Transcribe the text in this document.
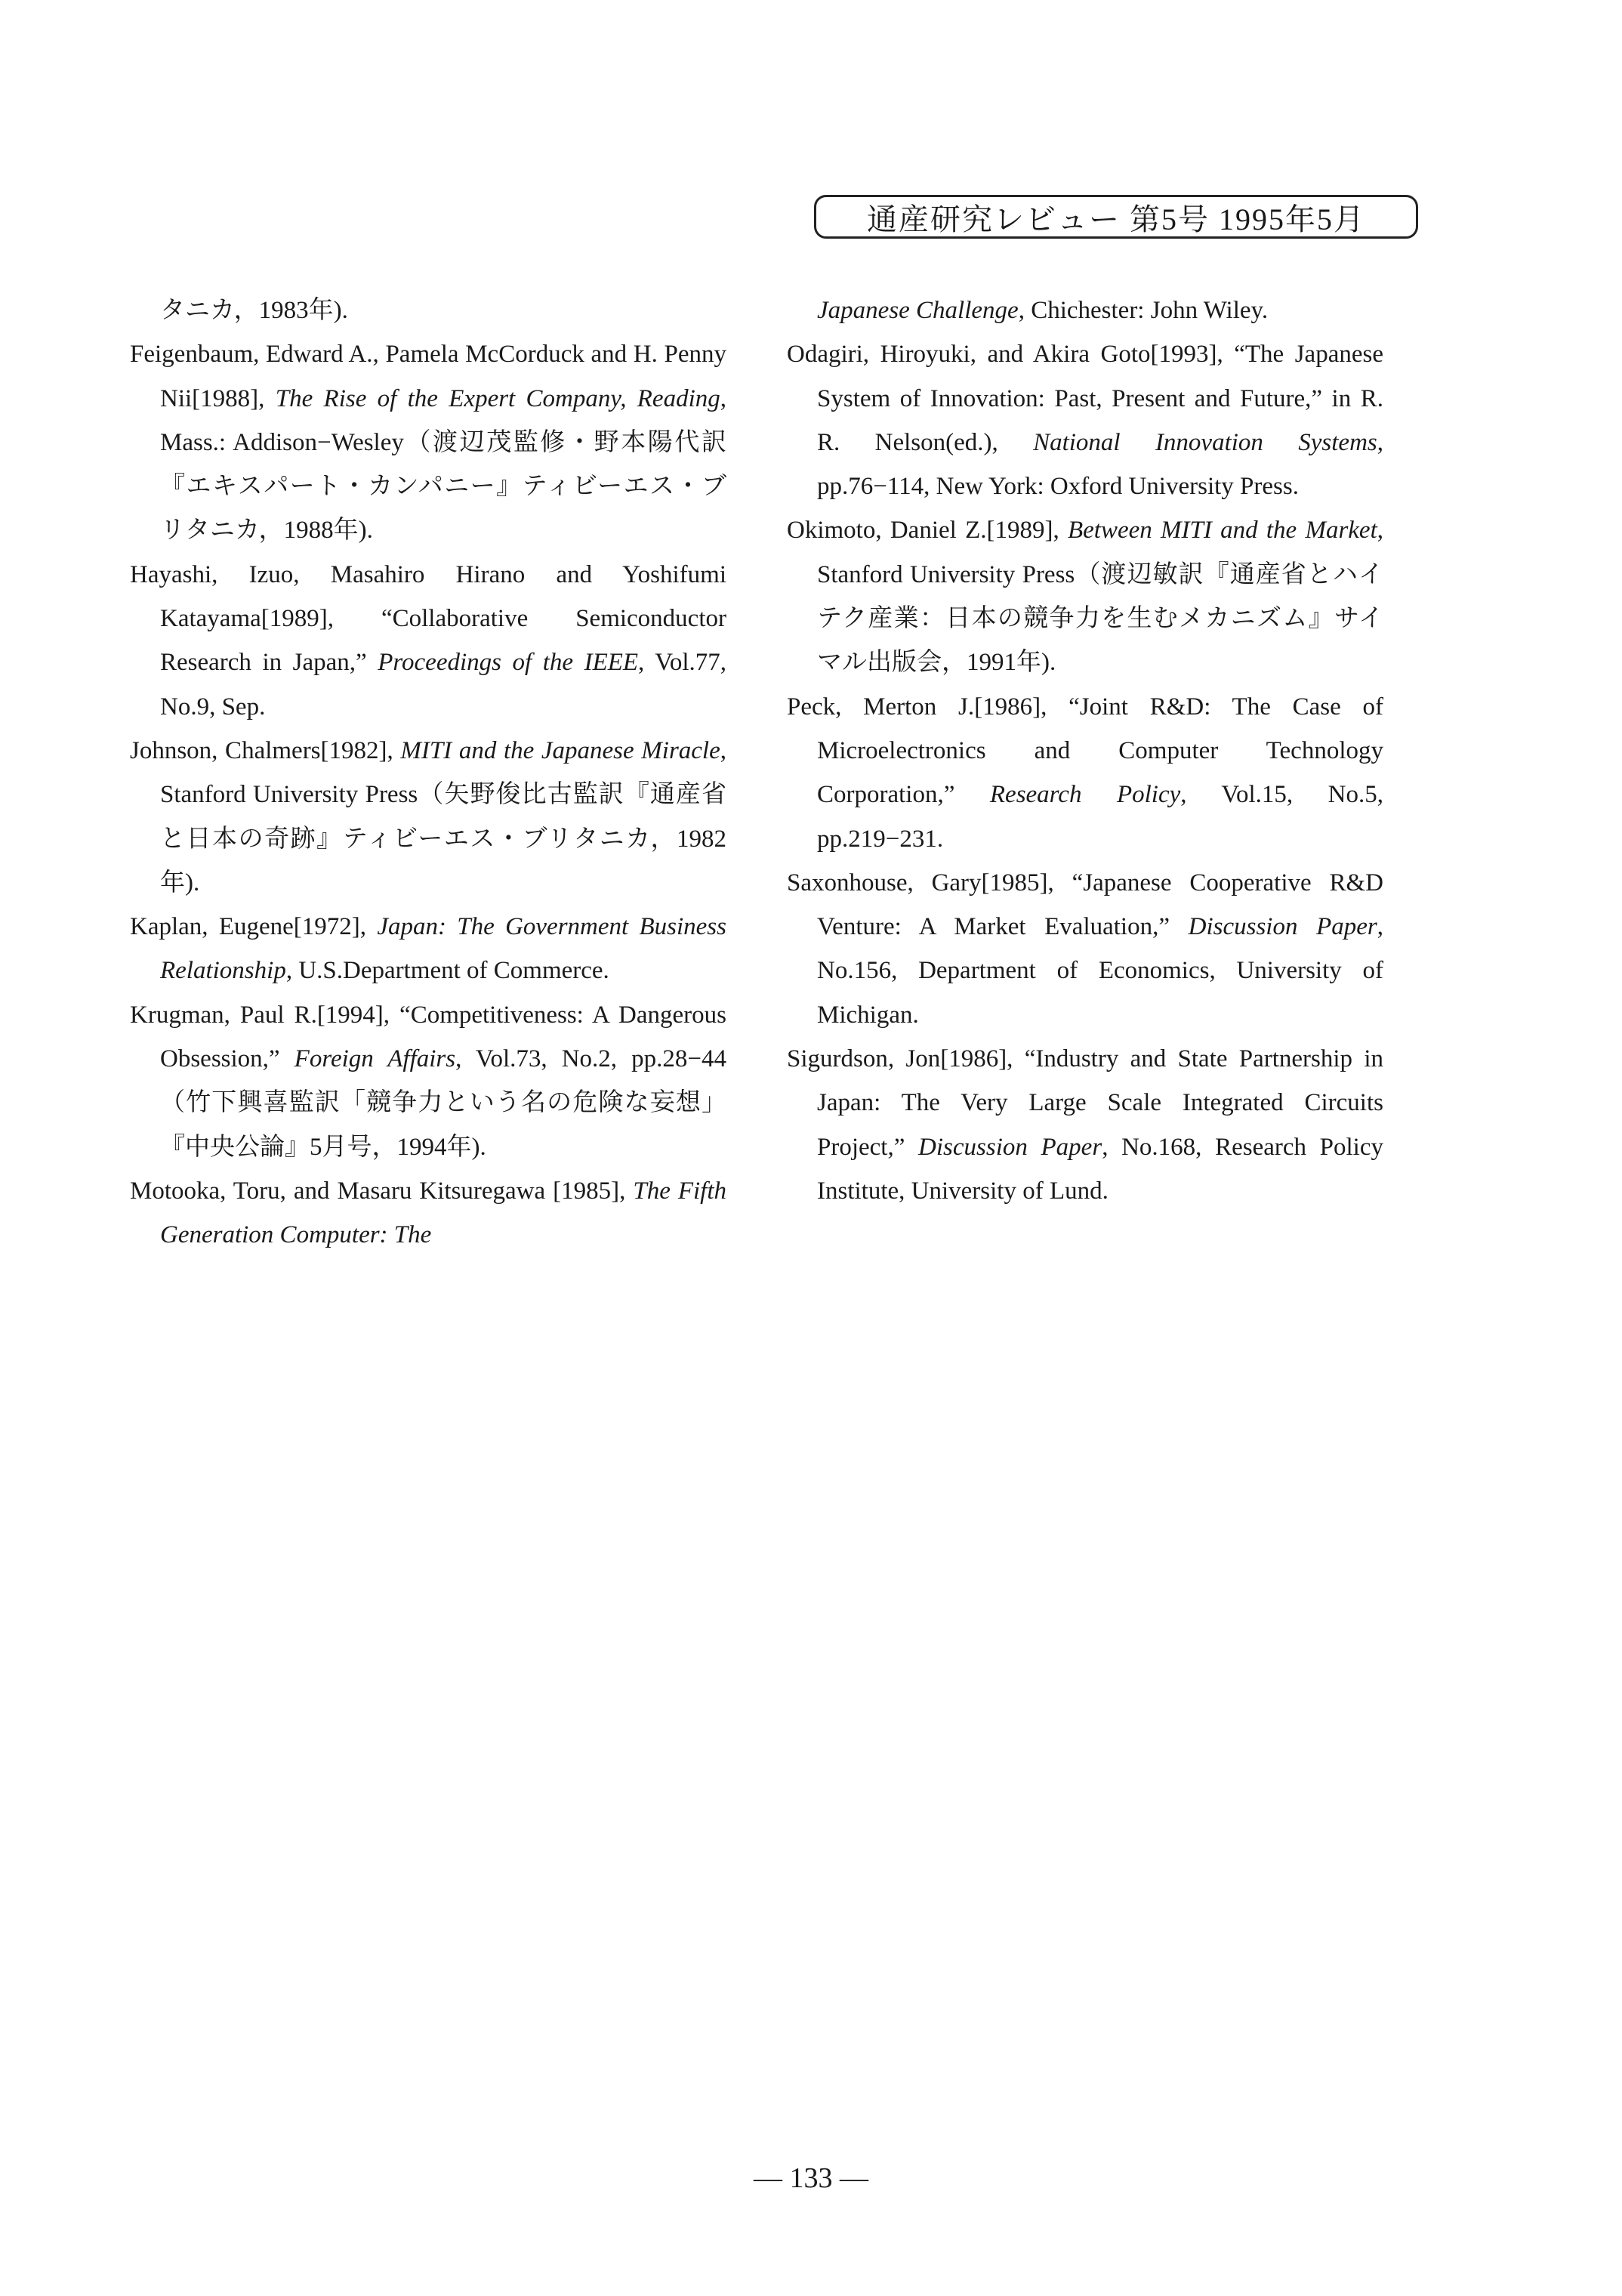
通産研究レビュー 第5号 1995年5月

タニカ，1983年).

Feigenbaum, Edward A., Pamela McCorduck and H. Penny Nii[1988], The Rise of the Expert Company, Reading, Mass.: Addison−Wesley（渡辺茂監修・野本陽代訳『エキスパート・カンパニー』ティビーエス・ブリタニカ，1988年).

Hayashi, Izuo, Masahiro Hirano and Yoshifumi Katayama[1989], “Collaborative Semiconductor Research in Japan,” Proceedings of the IEEE, Vol.77, No.9, Sep.

Johnson, Chalmers[1982], MITI and the Japanese Miracle, Stanford University Press（矢野俊比古監訳『通産省と日本の奇跡』ティビーエス・ブリタニカ，1982年).

Kaplan, Eugene[1972], Japan: The Government Business Relationship, U.S.Department of Commerce.

Krugman, Paul R.[1994], “Competitiveness: A Dangerous Obsession,” Foreign Affairs, Vol.73, No.2, pp.28−44（竹下興喜監訳「競争力という名の危険な妄想」『中央公論』5月号，1994年).

Motooka, Toru, and Masaru Kitsuregawa [1985], The Fifth Generation Computer: The

Japanese Challenge, Chichester: John Wiley.

Odagiri, Hiroyuki, and Akira Goto[1993], “The Japanese System of Innovation: Past, Present and Future,” in R. R. Nelson(ed.), National Innovation Systems, pp.76−114, New York: Oxford University Press.

Okimoto, Daniel Z.[1989], Between MITI and the Market, Stanford University Press（渡辺敏訳『通産省とハイテク産業：日本の競争力を生むメカニズム』サイマル出版会，1991年).

Peck, Merton J.[1986], “Joint R&D: The Case of Microelectronics and Computer Technology Corporation,” Research Policy, Vol.15, No.5, pp.219−231.

Saxonhouse, Gary[1985], “Japanese Cooperative R&D Venture: A Market Evaluation,” Discussion Paper, No.156, Department of Economics, University of Michigan.

Sigurdson, Jon[1986], “Industry and State Partnership in Japan: The Very Large Scale Integrated Circuits Project,” Discussion Paper, No.168, Research Policy Institute, University of Lund.

— 133 —
